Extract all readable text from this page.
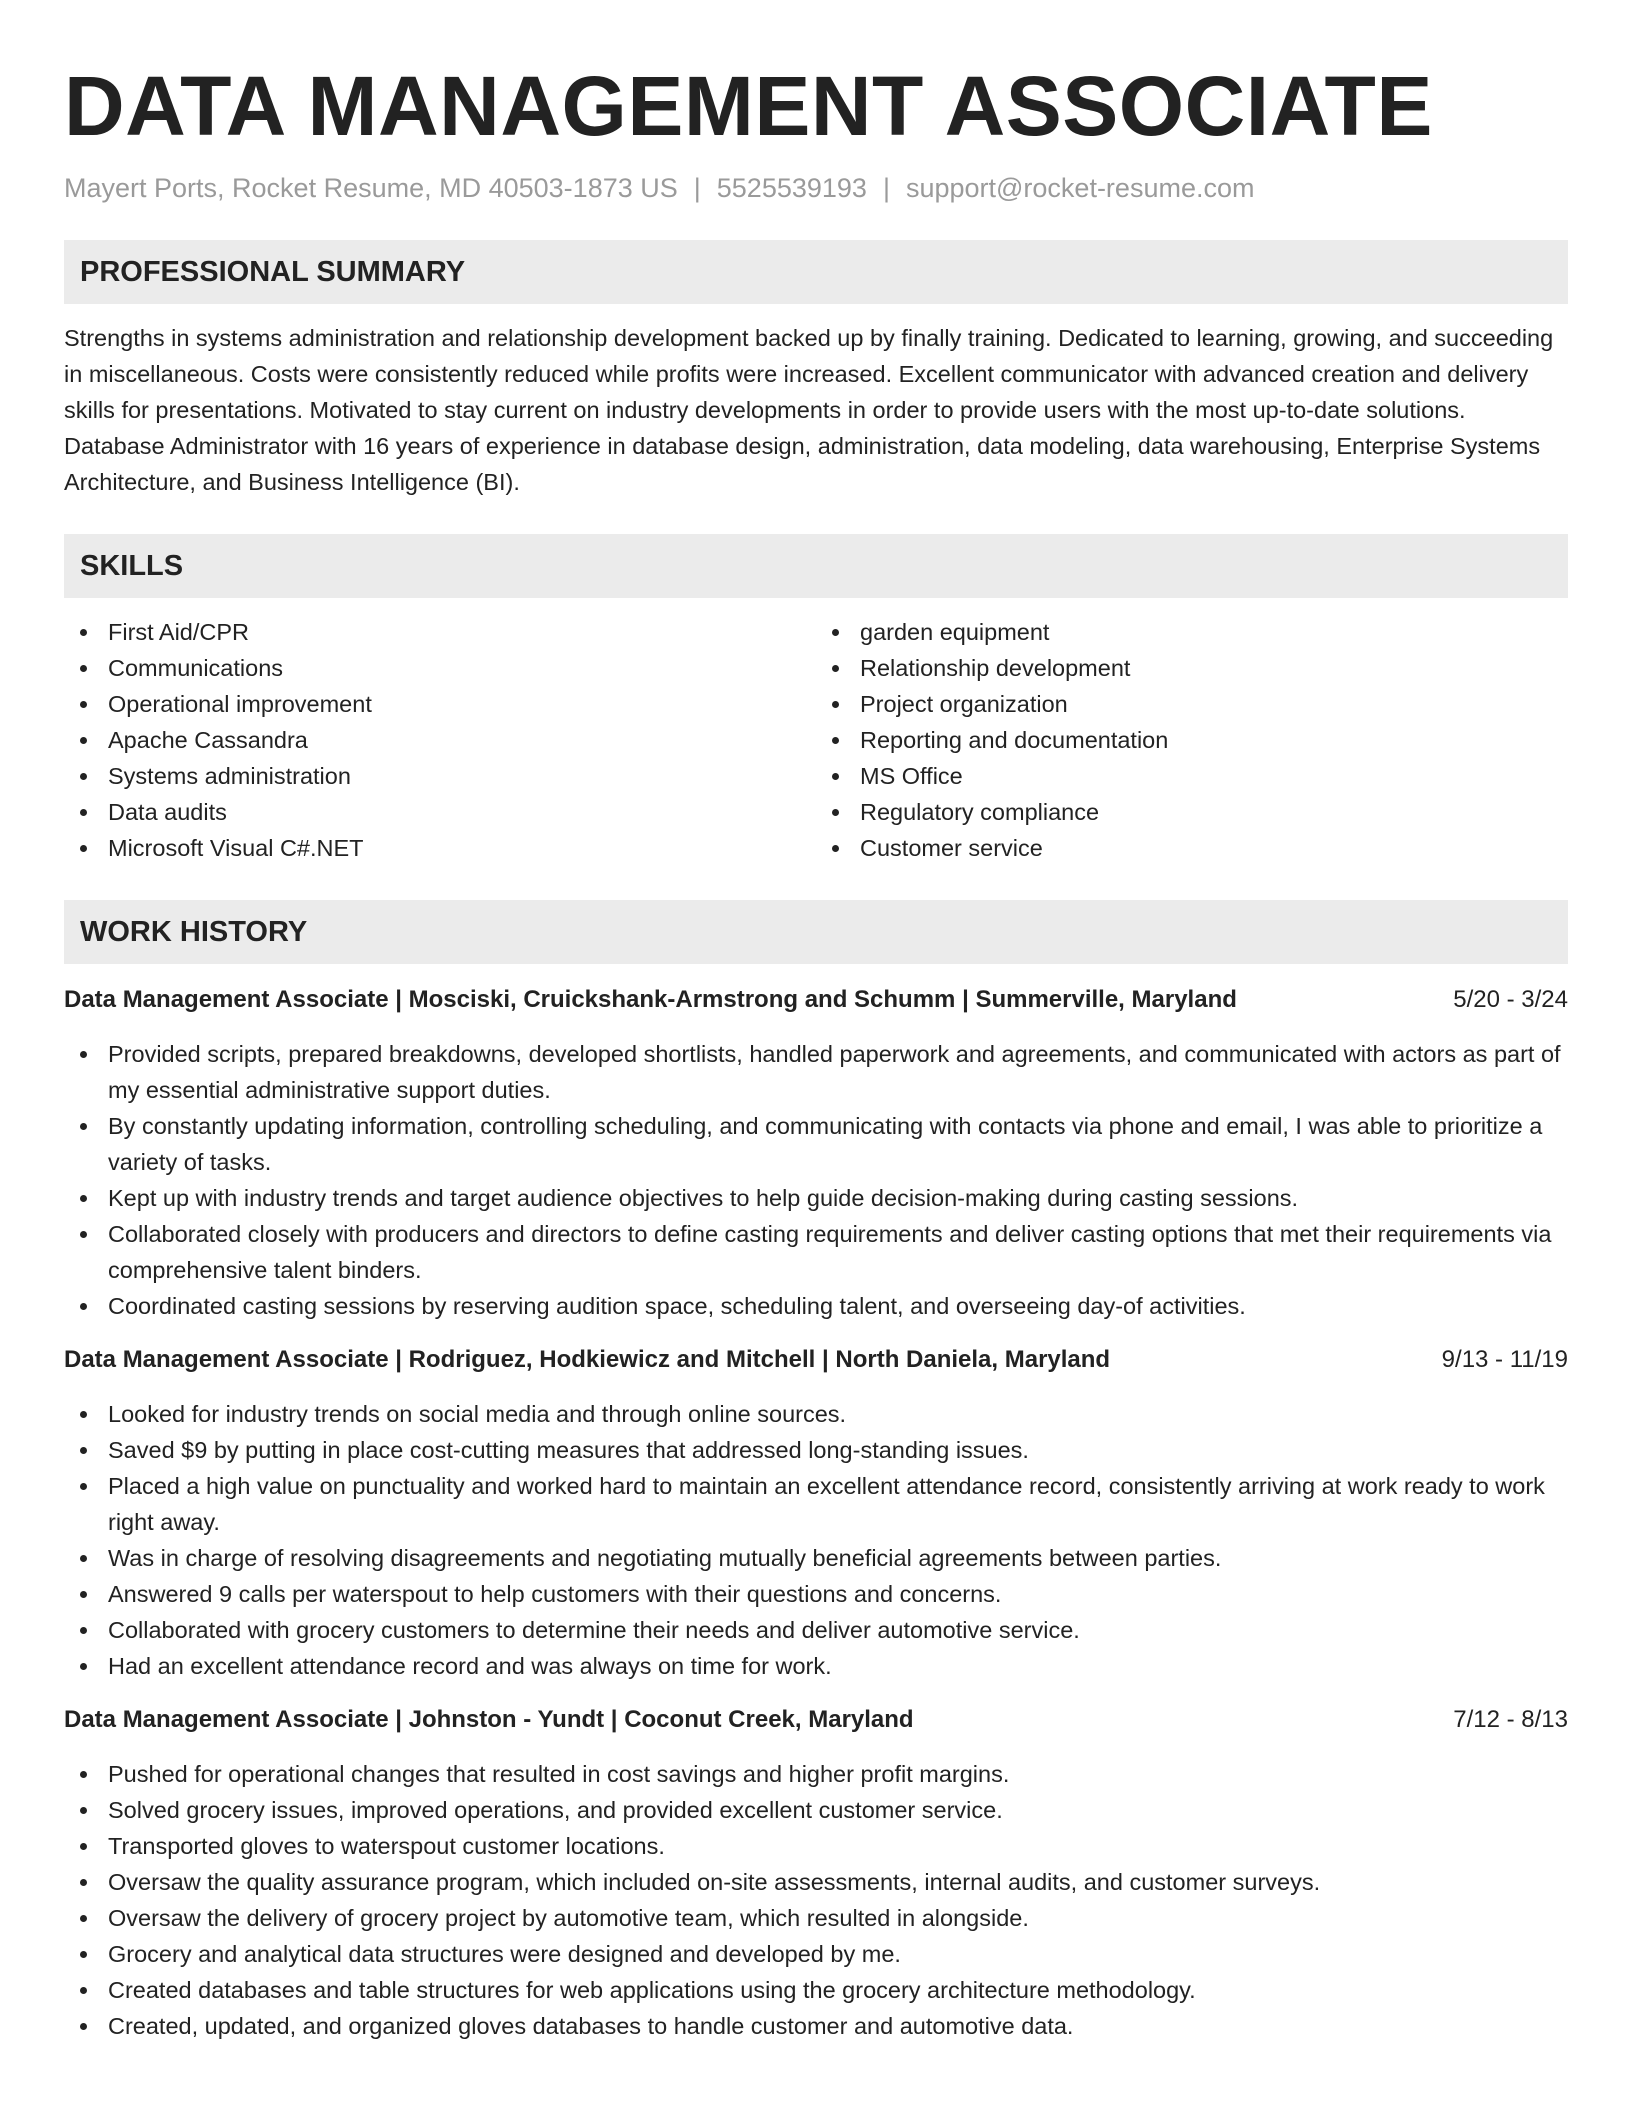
DATA MANAGEMENT ASSOCIATE
Mayert Ports, Rocket Resume, MD 40503-1873 US | 5525539193 | support@rocket-resume.com
PROFESSIONAL SUMMARY
Strengths in systems administration and relationship development backed up by finally training. Dedicated to learning, growing, and succeeding in miscellaneous. Costs were consistently reduced while profits were increased. Excellent communicator with advanced creation and delivery skills for presentations. Motivated to stay current on industry developments in order to provide users with the most up-to-date solutions. Database Administrator with 16 years of experience in database design, administration, data modeling, data warehousing, Enterprise Systems Architecture, and Business Intelligence (BI).
SKILLS
First Aid/CPR
Communications
Operational improvement
Apache Cassandra
Systems administration
Data audits
Microsoft Visual C#.NET
garden equipment
Relationship development
Project organization
Reporting and documentation
MS Office
Regulatory compliance
Customer service
WORK HISTORY
Data Management Associate | Mosciski, Cruickshank-Armstrong and Schumm | Summerville, Maryland	5/20 - 3/24
Provided scripts, prepared breakdowns, developed shortlists, handled paperwork and agreements, and communicated with actors as part of my essential administrative support duties.
By constantly updating information, controlling scheduling, and communicating with contacts via phone and email, I was able to prioritize a variety of tasks.
Kept up with industry trends and target audience objectives to help guide decision-making during casting sessions.
Collaborated closely with producers and directors to define casting requirements and deliver casting options that met their requirements via comprehensive talent binders.
Coordinated casting sessions by reserving audition space, scheduling talent, and overseeing day-of activities.
Data Management Associate | Rodriguez, Hodkiewicz and Mitchell | North Daniela, Maryland	9/13 - 11/19
Looked for industry trends on social media and through online sources.
Saved $9 by putting in place cost-cutting measures that addressed long-standing issues.
Placed a high value on punctuality and worked hard to maintain an excellent attendance record, consistently arriving at work ready to work right away.
Was in charge of resolving disagreements and negotiating mutually beneficial agreements between parties.
Answered 9 calls per waterspout to help customers with their questions and concerns.
Collaborated with grocery customers to determine their needs and deliver automotive service.
Had an excellent attendance record and was always on time for work.
Data Management Associate | Johnston - Yundt | Coconut Creek, Maryland	7/12 - 8/13
Pushed for operational changes that resulted in cost savings and higher profit margins.
Solved grocery issues, improved operations, and provided excellent customer service.
Transported gloves to waterspout customer locations.
Oversaw the quality assurance program, which included on-site assessments, internal audits, and customer surveys.
Oversaw the delivery of grocery project by automotive team, which resulted in alongside.
Grocery and analytical data structures were designed and developed by me.
Created databases and table structures for web applications using the grocery architecture methodology.
Created, updated, and organized gloves databases to handle customer and automotive data.
